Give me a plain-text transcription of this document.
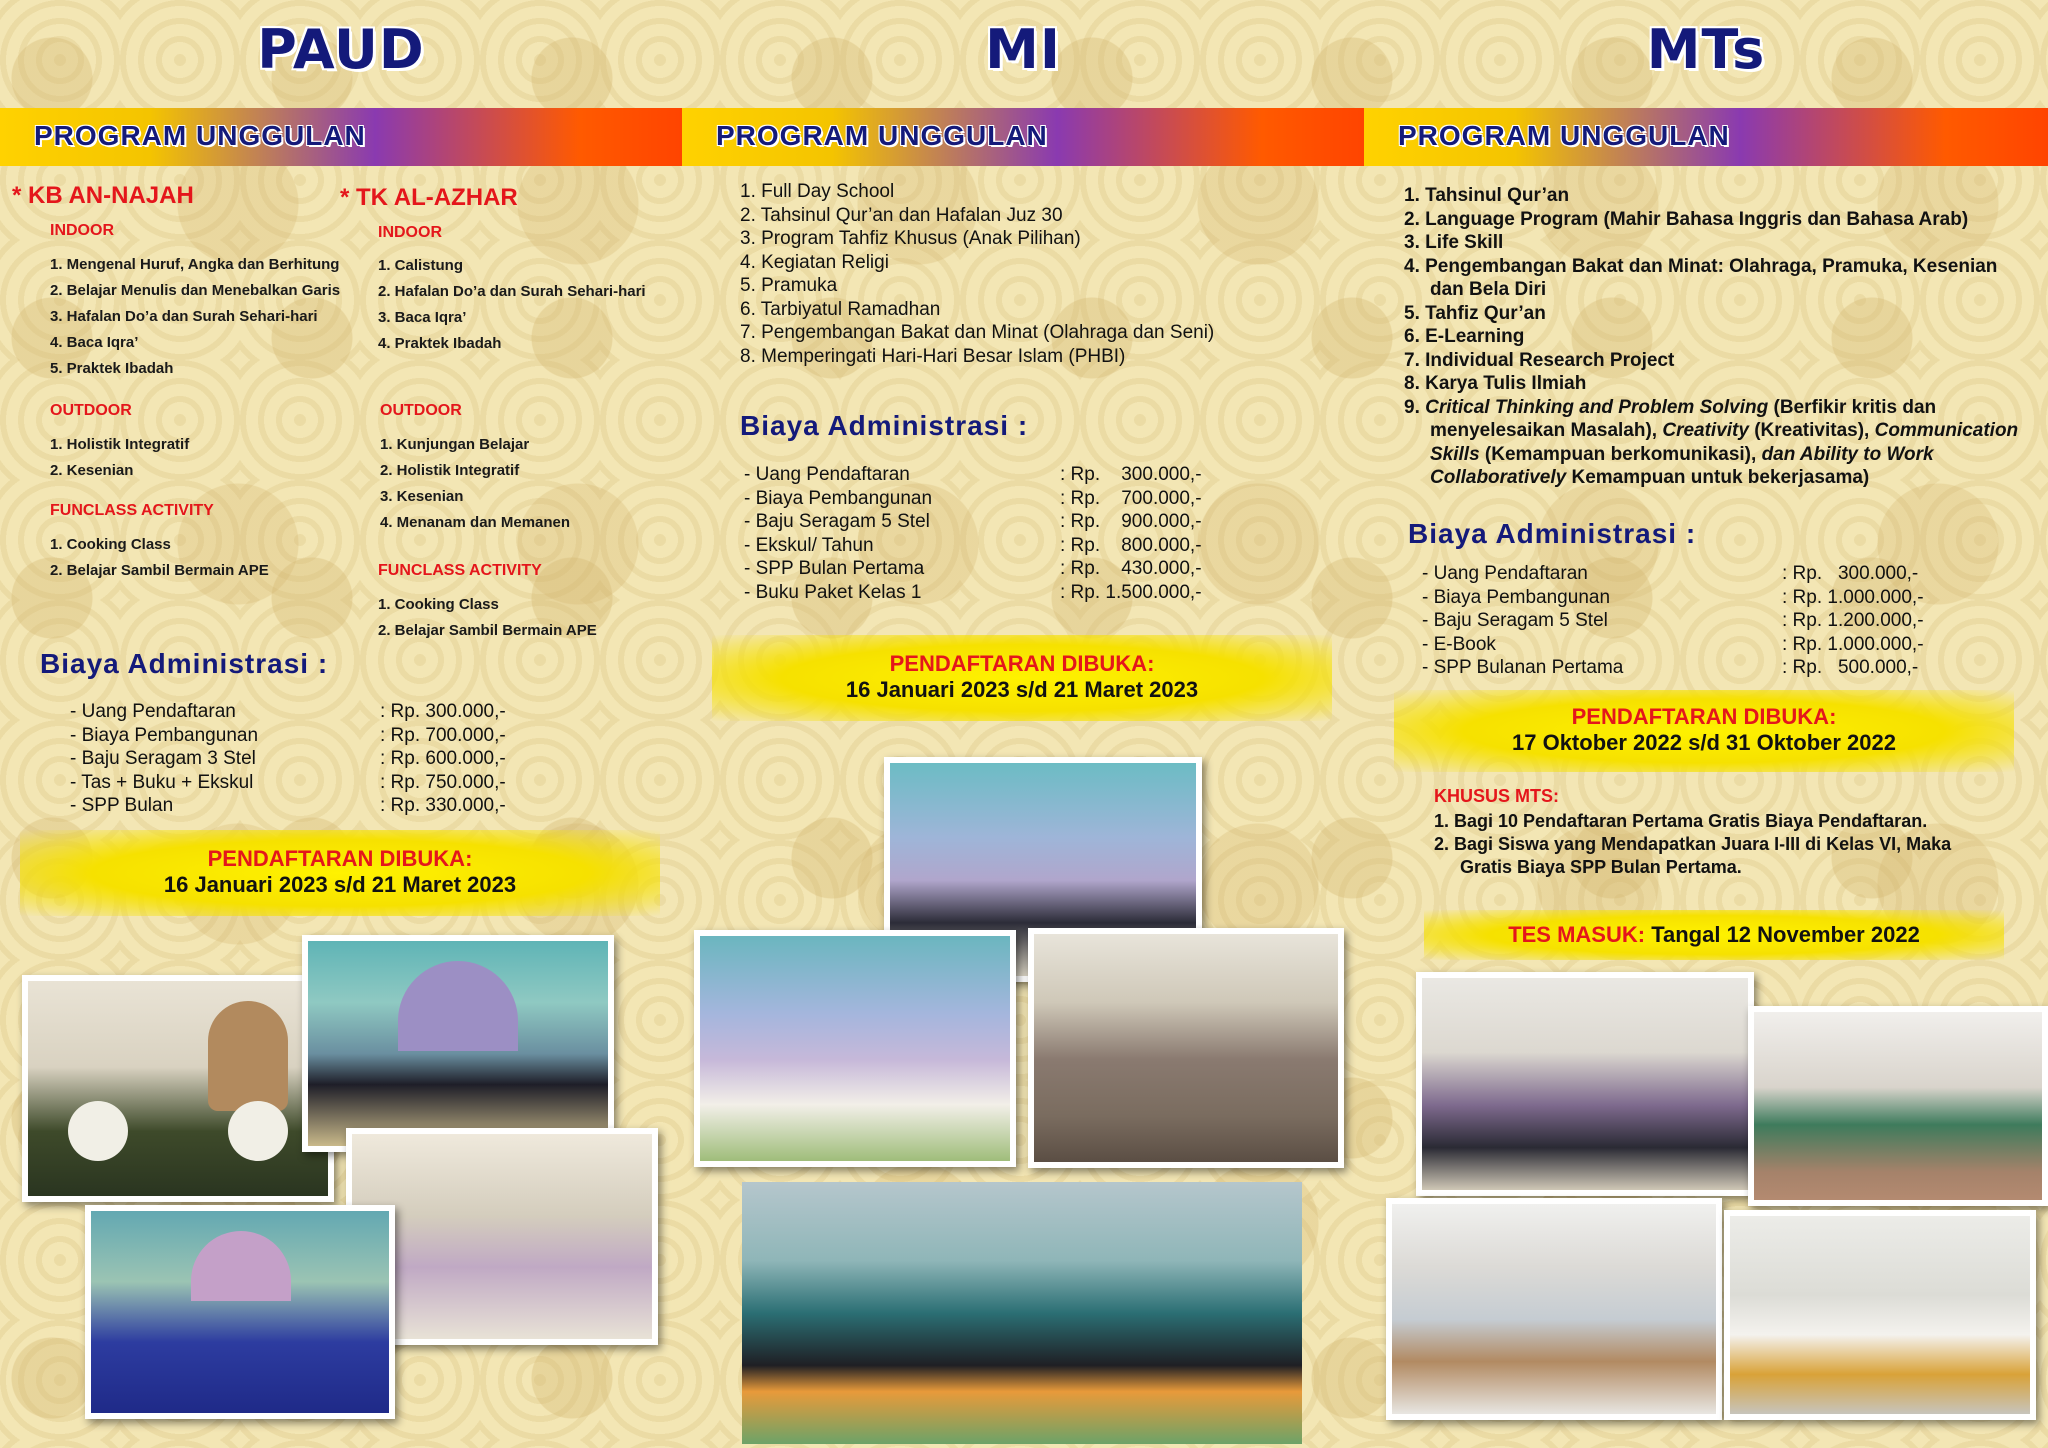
PAUD
PROGRAM UNGGULAN
* KB AN-NAJAH
INDOOR
1. Mengenal Huruf, Angka dan Berhitung
2. Belajar Menulis dan Menebalkan Garis
3. Hafalan Do’a dan Surah Sehari-hari
4. Baca Iqra’
5. Praktek Ibadah
OUTDOOR
1. Holistik Integratif
2. Kesenian
FUNCLASS ACTIVITY
1. Cooking Class
2. Belajar Sambil Bermain APE
* TK AL-AZHAR
INDOOR
1. Calistung
2. Hafalan Do’a dan Surah Sehari-hari
3. Baca Iqra’
4. Praktek Ibadah
OUTDOOR
1. Kunjungan Belajar
2. Holistik Integratif
3. Kesenian
4. Menanam dan Memanen
FUNCLASS ACTIVITY
1. Cooking Class
2. Belajar Sambil Bermain APE
Biaya Administrasi :
- Uang Pendaftaran	: Rp. 300.000,-
- Biaya Pembangunan	: Rp. 700.000,-
- Baju Seragam 3 Stel	: Rp. 600.000,-
- Tas + Buku + Ekskul	: Rp. 750.000,-
- SPP Bulan	: Rp. 330.000,-
PENDAFTARAN DIBUKA:
16 Januari 2023 s/d 21 Maret 2023
MI
PROGRAM UNGGULAN
1. Full Day School
2. Tahsinul Qur’an dan Hafalan Juz 30
3. Program Tahfiz Khusus (Anak Pilihan)
4. Kegiatan Religi
5. Pramuka
6. Tarbiyatul Ramadhan
7. Pengembangan Bakat dan Minat (Olahraga dan Seni)
8. Memperingati Hari-Hari Besar Islam (PHBI)
Biaya Administrasi :
- Uang Pendaftaran	: Rp.    300.000,-
- Biaya Pembangunan	: Rp.    700.000,-
- Baju Seragam 5 Stel	: Rp.    900.000,-
- Ekskul/ Tahun	: Rp.    800.000,-
- SPP Bulan Pertama	: Rp.    430.000,-
- Buku Paket Kelas 1	: Rp. 1.500.000,-
PENDAFTARAN DIBUKA:
16 Januari 2023 s/d 21 Maret 2023
MTs
PROGRAM UNGGULAN
1. Tahsinul Qur’an
2. Language Program (Mahir Bahasa Inggris dan Bahasa Arab)
3. Life Skill
4. Pengembangan Bakat dan Minat: Olahraga, Pramuka, Kesenian dan Bela Diri
5. Tahfiz Qur’an
6. E-Learning
7. Individual Research Project
8. Karya Tulis Ilmiah
9. Critical Thinking and Problem Solving (Berfikir kritis dan menyelesaikan Masalah), Creativity (Kreativitas), Communication Skills (Kemampuan berkomunikasi), dan Ability to Work Collaboratively Kemampuan untuk bekerjasama)
Biaya Administrasi :
- Uang Pendaftaran	: Rp.   300.000,-
- Biaya Pembangunan	: Rp. 1.000.000,-
- Baju Seragam 5 Stel	: Rp. 1.200.000,-
- E-Book	: Rp. 1.000.000,-
- SPP Bulanan Pertama	: Rp.   500.000,-
PENDAFTARAN DIBUKA:
17 Oktober 2022 s/d 31 Oktober 2022
KHUSUS MTS:
1. Bagi 10 Pendaftaran Pertama Gratis Biaya Pendaftaran.
2. Bagi Siswa yang Mendapatkan Juara I-III di Kelas VI, Maka Gratis Biaya SPP Bulan Pertama.
TES MASUK: Tangal 12 November 2022
